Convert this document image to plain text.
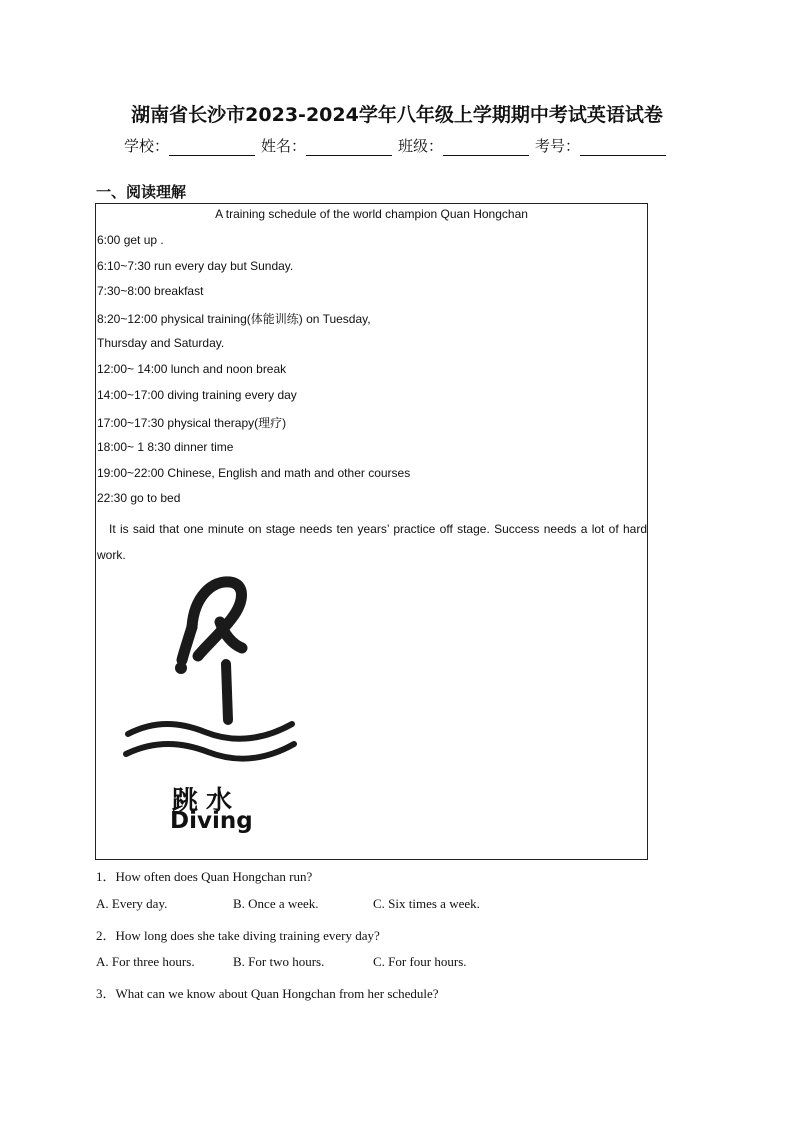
湖南省长沙市2023-2024学年八年级上学期期中考试英语试卷
学校：	姓名：	班级：	考号：
一、阅读理解
A training schedule of the world champion Quan Hongchan
6:00 get up .
6:10~7:30 run every day but Sunday.
7:30~8:00 breakfast
8:20~12:00 physical training(体能训练) on Tuesday,
Thursday and Saturday.
12:00~ 14:00 lunch and noon break
14:00~17:00 diving training every day
17:00~17:30 physical therapy(理疗)
18:00~ 1 8:30 dinner time
19:00~22:00 Chinese, English and math and other courses
22:30 go to bed
It is said that one minute on stage needs ten years’ practice off stage. Success needs a lot of hard work.
跳水
Diving
1．How often does Quan Hongchan run?
A. Every day.	B. Once a week.	C. Six times a week.
2．How long does she take diving training every day?
A. For three hours.	B. For two hours.	C. For four hours.
3．What can we know about Quan Hongchan from her schedule?
